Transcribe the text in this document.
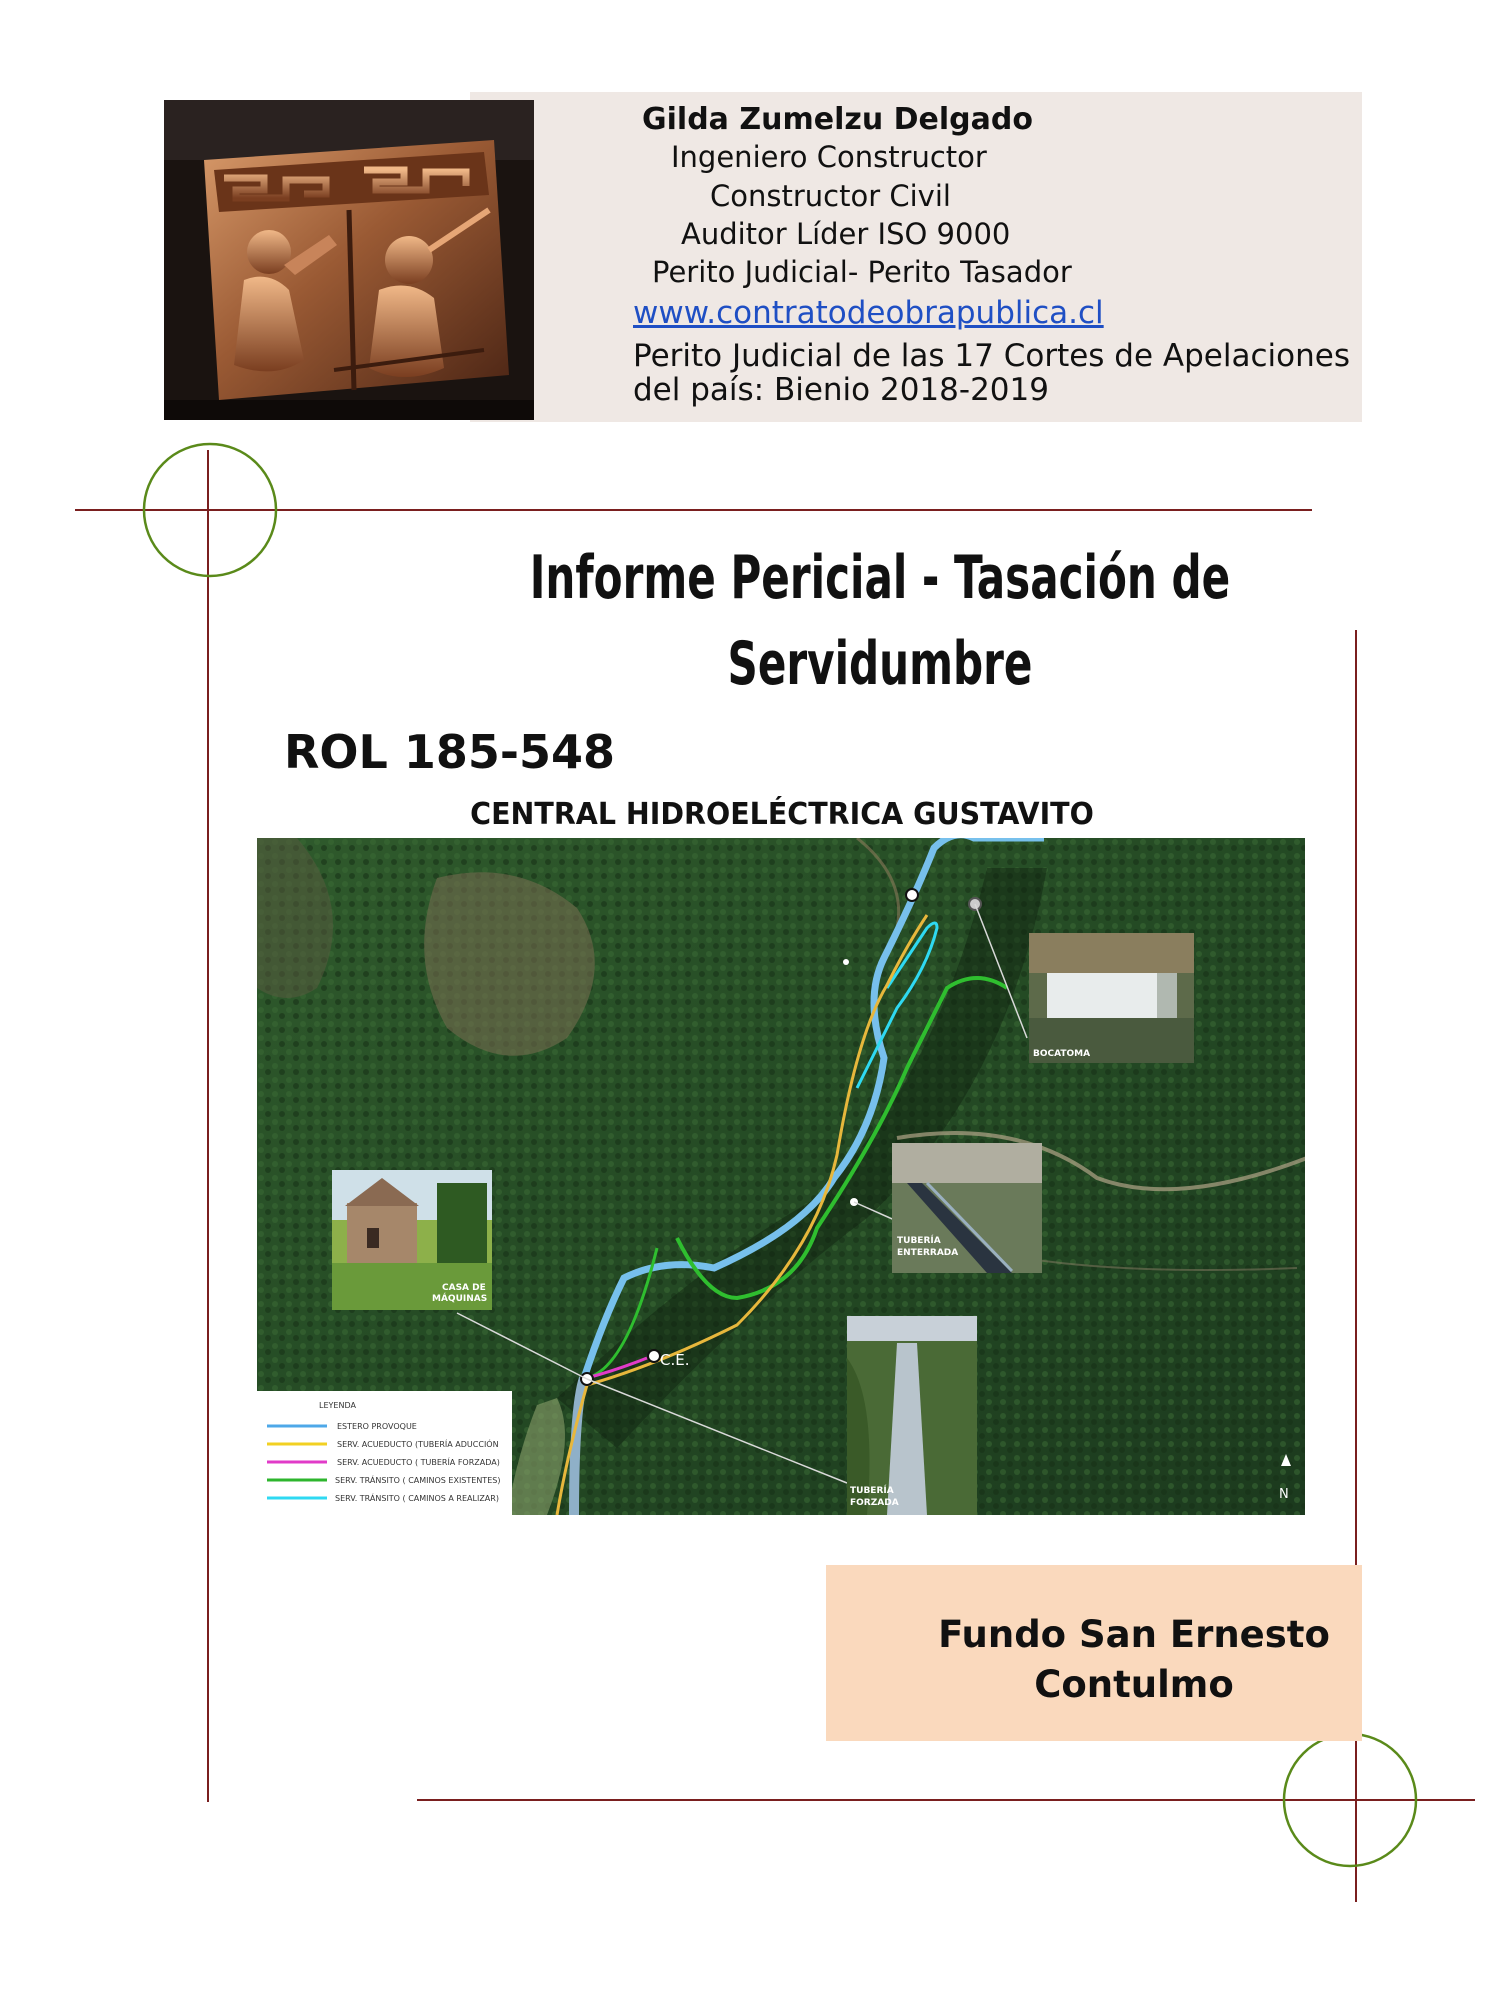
Gilda Zumelzu Delgado
Ingeniero Constructor
Constructor Civil
Auditor Líder ISO 9000
Perito Judicial- Perito Tasador
www.contratodeobrapublica.cl
Perito Judicial de las 17 Cortes de Apelaciones
del país: Bienio 2018-2019
Informe Pericial - Tasación de
Servidumbre
ROL 185-548
CENTRAL HIDROELÉCTRICA GUSTAVITO
CASA DE
MÁQUINAS
BOCATOMA
TUBERÍA
ENTERRADA
TUBERÍA
FORZADA
C.E.
N
LEYENDA
ESTERO PROVOQUE
SERV. ACUEDUCTO (TUBERÍA ADUCCIÓN
SERV. ACUEDUCTO ( TUBERÍA FORZADA)
SERV. TRÁNSITO ( CAMINOS EXISTENTES)
SERV. TRÁNSITO ( CAMINOS A REALIZAR)
Fundo San Ernesto
Contulmo
